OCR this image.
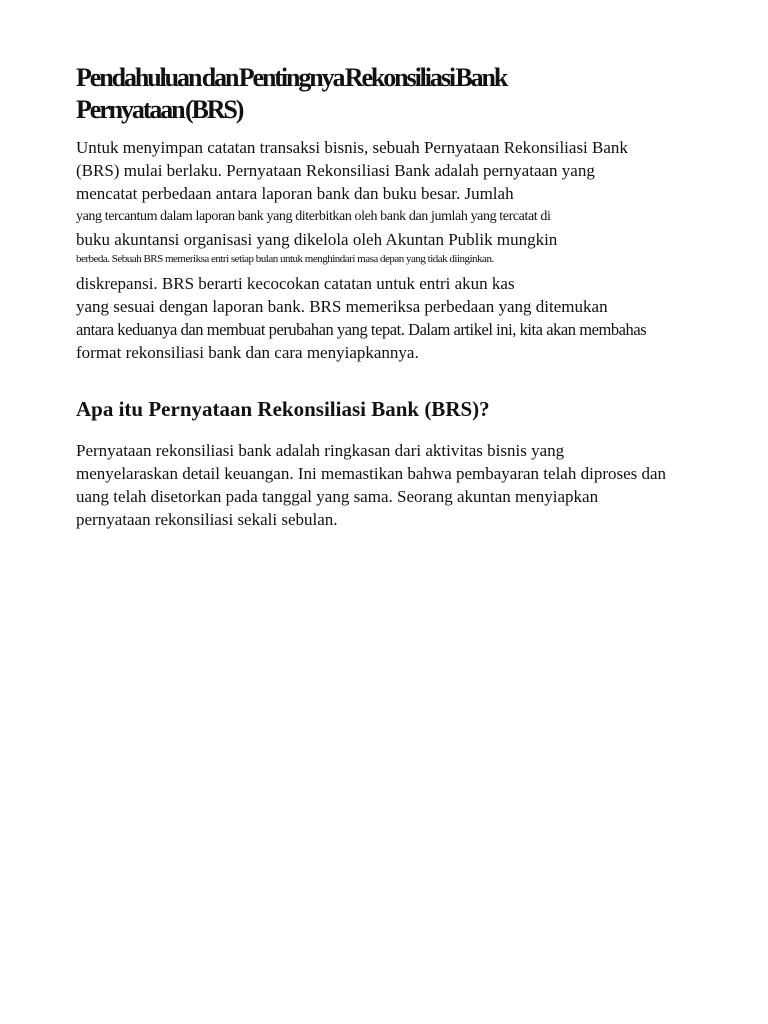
Pendahuluan dan Pentingnya Rekonsiliasi Bank
Pernyataan (BRS)

Untuk menyimpan catatan transaksi bisnis, sebuah Pernyataan Rekonsiliasi Bank

(BRS) mulai berlaku. Pernyataan Rekonsiliasi Bank adalah pernyataan yang

mencatat perbedaan antara laporan bank dan buku besar. Jumlah

yang tercantum dalam laporan bank yang diterbitkan oleh bank dan jumlah yang tercatat di

buku akuntansi organisasi yang dikelola oleh Akuntan Publik mungkin

berbeda. Sebuah BRS memeriksa entri setiap bulan untuk menghindari masa depan yang tidak diinginkan.

diskrepansi. BRS berarti kecocokan catatan untuk entri akun kas

yang sesuai dengan laporan bank. BRS memeriksa perbedaan yang ditemukan

antara keduanya dan membuat perubahan yang tepat. Dalam artikel ini, kita akan membahas

format rekonsiliasi bank dan cara menyiapkannya.

Apa itu Pernyataan Rekonsiliasi Bank (BRS)?

Pernyataan rekonsiliasi bank adalah ringkasan dari aktivitas bisnis yang

menyelaraskan detail keuangan. Ini memastikan bahwa pembayaran telah diproses dan

uang telah disetorkan pada tanggal yang sama. Seorang akuntan menyiapkan

pernyataan rekonsiliasi sekali sebulan.
